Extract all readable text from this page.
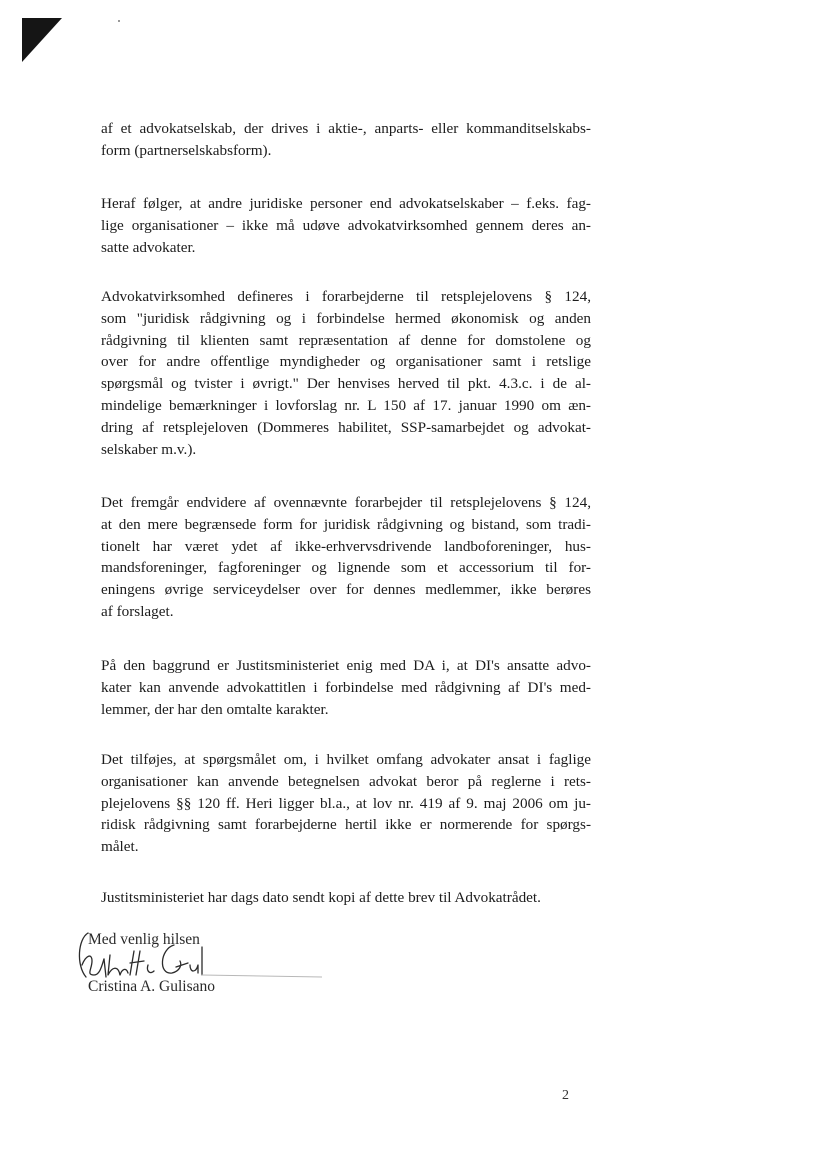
af et advokatselskab, der drives i aktie-, anparts- eller kommanditselskabs-
form (partnerselskabsform).
Heraf følger, at andre juridiske personer end advokatselskaber – f.eks. fag-
lige organisationer – ikke må udøve advokatvirksomhed gennem deres an-
satte advokater.
Advokatvirksomhed defineres i forarbejderne til retsplejelovens § 124,
som "juridisk rådgivning og i forbindelse hermed økonomisk og anden
rådgivning til klienten samt repræsentation af denne for domstolene og
over for andre offentlige myndigheder og organisationer samt i retslige
spørgsmål og tvister i øvrigt." Der henvises herved til pkt. 4.3.c. i de al-
mindelige bemærkninger i lovforslag nr. L 150 af 17. januar 1990 om æn-
dring af retsplejeloven (Dommeres habilitet, SSP-samarbejdet og advokat-
selskaber m.v.).
Det fremgår endvidere af ovennævnte forarbejder til retsplejelovens § 124,
at den mere begrænsede form for juridisk rådgivning og bistand, som tradi-
tionelt har været ydet af ikke-erhvervsdrivende landboforeninger, hus-
mandsforeninger, fagforeninger og lignende som et accessorium til for-
eningens øvrige serviceydelser over for dennes medlemmer, ikke berøres
af forslaget.
På den baggrund er Justitsministeriet enig med DA i, at DI's ansatte advo-
kater kan anvende advokattitlen i forbindelse med rådgivning af DI's med-
lemmer, der har den omtalte karakter.
Det tilføjes, at spørgsmålet om, i hvilket omfang advokater ansat i faglige
organisationer kan anvende betegnelsen advokat beror på reglerne i rets-
plejelovens §§ 120 ff. Heri ligger bl.a., at lov nr. 419 af 9. maj 2006 om ju-
ridisk rådgivning samt forarbejderne hertil ikke er normerende for spørgs-
målet.
Justitsministeriet har dags dato sendt kopi af dette brev til Advokatrådet.
Med venlig hilsen
Cristina A. Gulisano
2
